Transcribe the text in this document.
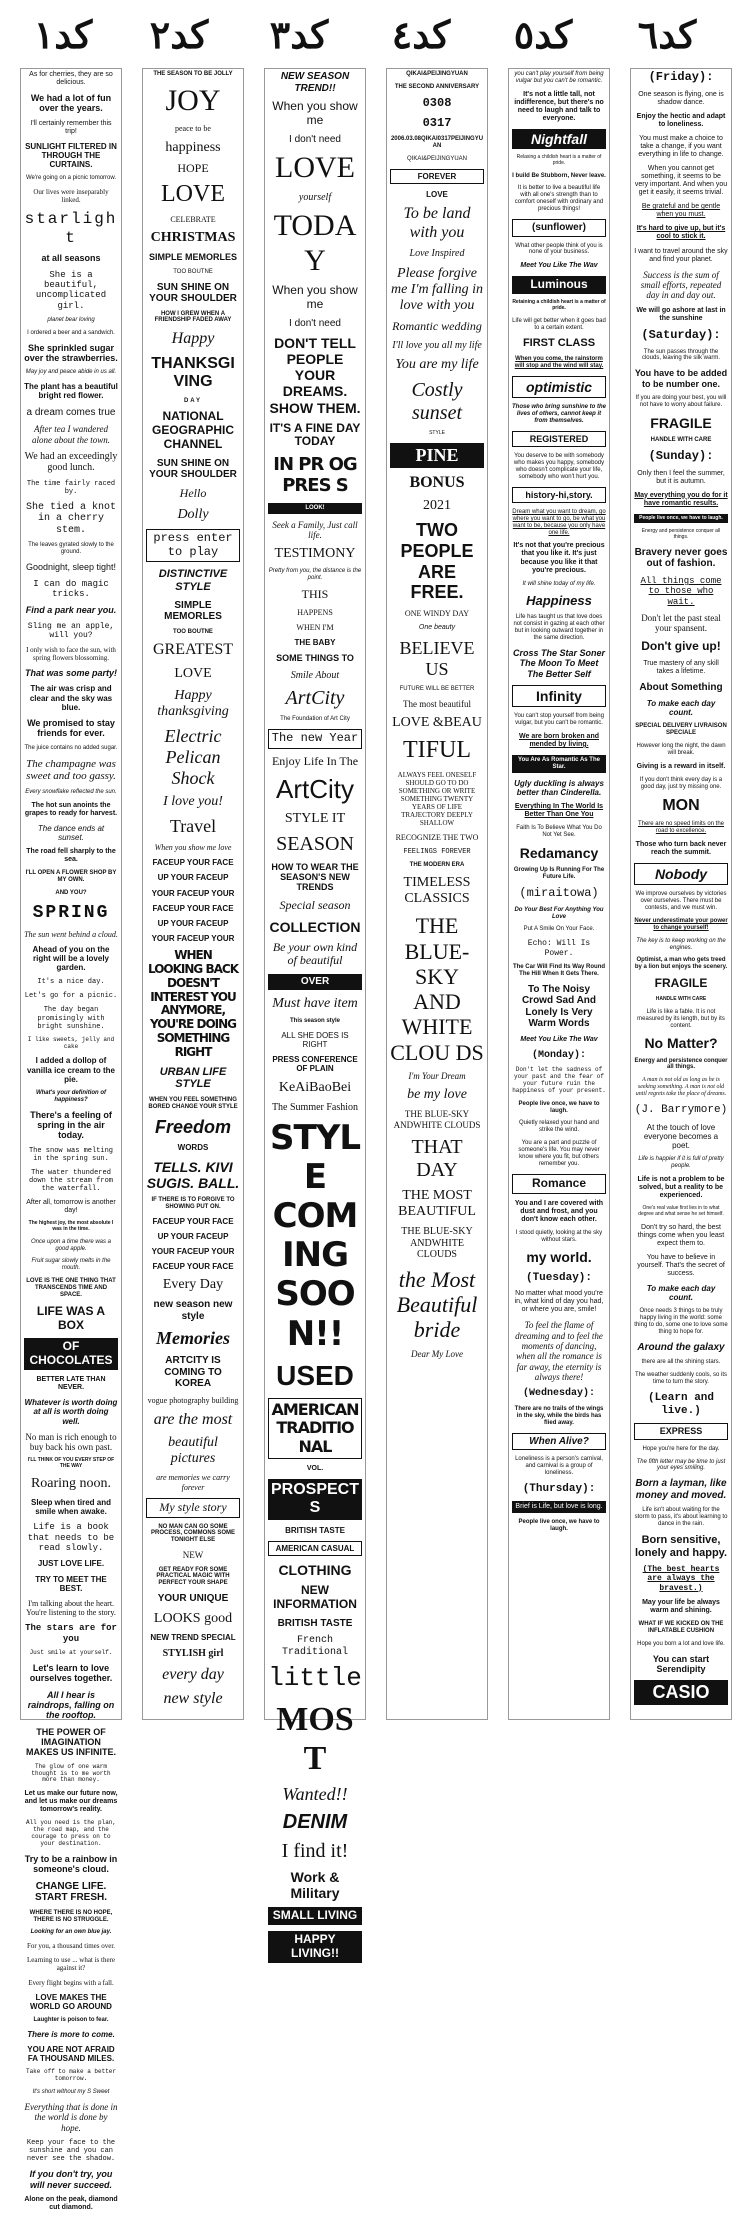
كد١	كد٢	كد٣	كد٤	كد٥	كد٦
As for cherries, they are so delicious.
We had a lot of fun over the years.
I'll certainly remember this trip!
SUNLIGHT FILTERED IN THROUGH THE CURTAINS.
We're going on a picnic tomorrow.
Our lives were inseparably linked.
starlight
at all seasons
She is a beautiful, uncomplicated girl.
planet bear loving
I ordered a beer and a sandwich.
She sprinkled sugar over the strawberries.
May joy and peace abide in us all.
The plant has a beautiful bright red flower.
a dream comes true
After tea I wandered alone about the town.
We had an exceedingly good lunch.
The time fairly raced by.
She tied a knot in a cherry stem.
The leaves gyrated slowly to the ground.
Goodnight, sleep tight!
I can do magic tricks.
Find a park near you.
Sling me an apple, will you?
I only wish to face the sun, with spring flowers blossoming.
That was some party!
The air was crisp and clear and the sky was blue.
We promised to stay friends for ever.
The juice contains no added sugar.
The champagne was sweet and too gassy.
Every snowflake reflected the sun.
The hot sun anoints the grapes to ready for harvest.
The dance ends at sunset.
The road fell sharply to the sea.
I'LL OPEN A FLOWER SHOP BY MY OWN.
AND YOU?
SPRING
The sun went behind a cloud.
Ahead of you on the right will be a lovely garden.
It's a nice day.
Let's go for a picnic.
The day began promisingly with bright sunshine.
I like sweets, jelly and cake
I added a dollop of vanilla ice cream to the pie.
What's your definition of happiness?
There's a feeling of spring in the air today.
The snow was melting in the spring sun.
The water thundered down the stream from the waterfall.
After all, tomorrow is another day!
The highest joy, the most absolute I was in the time.
Once upon a time there was a good apple.
Fruit sugar slowly melts in the mouth.
LOVE IS THE ONE THING THAT TRANSCENDS TIME AND SPACE.
LIFE WAS A BOX
OF CHOCOLATES
BETTER LATE THAN NEVER.
Whatever is worth doing at all is worth doing well.
No man is rich enough to buy back his own past.
I'LL THINK OF YOU EVERY STEP OF THE WAY
Roaring noon.
Sleep when tired and smile when awake.
Life is a book that needs to be read slowly.
JUST LOVE LIFE.
TRY TO MEET THE BEST.
I'm talking about the heart. You're listening to the story.
The stars are for you
Just smile at yourself.
Let's learn to love ourselves together.
All I hear is raindrops, falling on the rooftop.
THE POWER OF IMAGINATION MAKES US INFINITE.
The glow of one warm thought is to me worth more than money.
Let us make our future now, and let us make our dreams tomorrow's reality.
All you need is the plan, the road map, and the courage to press on to your destination.
Try to be a rainbow in someone's cloud.
CHANGE LIFE. START FRESH.
WHERE THERE IS NO HOPE, THERE IS NO STRUGGLE.
Looking for an own blue jay.
For you, a thousand times over.
Learning to use ... what is there against it?
Every flight begins with a fall.
LOVE MAKES THE WORLD GO AROUND
Laughter is poison to fear.
There is more to come.
YOU ARE NOT AFRAID FA THOUSAND MILES.
Take off to make a better tomorrow.
It's short without my S Sweet
Everything that is done in the world is done by hope.
Keep your face to the sunshine and you can never see the shadow.
If you don't try, you will never succeed.
Alone on the peak, diamond cut diamond.
THE SEASON TO BE JOLLY
JOY
peace to be
happiness
HOPE
LOVE
CELEBRATE
CHRISTMAS
SIMPLE MEMORLES
TOO BOUTNE
SUN SHINE ON YOUR SHOULDER
HOW I GREW WHEN A FRIENDSHIP FADED AWAY
Happy
THANKSGIVING
DAY
NATIONAL GEOGRAPHIC CHANNEL
SUN SHINE ON YOUR SHOULDER
Hello
Dolly
press enter to play
DISTINCTIVE STYLE
SIMPLE MEMORLES
TOO BOUTNE
GREATEST
LOVE
Happy thanksgiving
Electric Pelican Shock
I love you!
Travel
When you show me love
FACEUP YOUR FACE
UP YOUR FACEUP
YOUR FACEUP YOUR
FACEUP YOUR FACE
UP YOUR FACEUP
YOUR FACEUP YOUR
WHEN LOOKING BACK DOESN'T INTEREST YOU ANYMORE, YOU'RE DOING SOMETHING RIGHT
URBAN LIFE STYLE
WHEN YOU FEEL SOMETHING BORED CHANGE YOUR STYLE
Freedom
WORDS
TELLS. KIVI SUGIS. BALL.
IF THERE IS TO FORGIVE TO SHOWING PUT ON.
FACEUP YOUR FACE
UP YOUR FACEUP
YOUR FACEUP YOUR
FACEUP YOUR FACE
Every Day
new season new style
Memories
ARTCITY IS COMING TO KOREA
vogue photography building
are the most
beautiful pictures
are memories we carry forever
My style story
NO MAN CAN GO SOME PROCESS, COMMONS SOME TONIGHT ELSE
NEW
GET READY FOR SOME PRACTICAL MAGIC WITH PERFECT YOUR SHAPE
YOUR UNIQUE
LOOKS good
NEW TREND SPECIAL
STYLISH girl
every day
new style
NEW SEASON TREND!!
When you show me
I don't need
LOVE
yourself
TODAY
When you show me
I don't need
DON'T TELL PEOPLE YOUR DREAMS. SHOW THEM.
IT'S A FINE DAY TODAY
IN PR OG PRES S
LOOK!
Seek a Family, Just call life.
TESTIMONY
Pretty from you, the distance is the point.
THIS
HAPPENS
WHEN I'M
THE BABY
SOME THINGS TO
Smile About
ArtCity
The Foundation of Art City
The new Year
Enjoy Life In The
ArtCity
STYLE IT
SEASON
HOW TO WEAR THE SEASON'S NEW TRENDS
Special season
COLLECTION
Be your own kind of beautiful
OVER
Must have item
This season style
ALL SHE DOES IS RIGHT
PRESS CONFERENCE OF PLAIN
KeAiBaoBei
The Summer Fashion
STYLE COMING SOON!!
USED
AMERICAN TRADITIONAL
VOL.
PROSPECTS
BRITISH TASTE
AMERICAN CASUAL
CLOTHING
NEW INFORMATION
BRITISH TASTE
French Traditional
little
MOST
Wanted!!
DENIM
I find it!
Work & Military
SMALL LIVING
HAPPY LIVING!!
QIKAI&PEIJINGYUAN
THE SECOND ANNIVERSARY
0308
0317
2006.03.08QIKAI0317PEIJINGYUAN
QIKAI&PEIJINGYUAN
FOREVER
LOVE
To be land with you
Love Inspired
Please forgive me I'm falling in love with you
Romantic wedding
I'll love you all my life
You are my life
Costly sunset
STYLE
PINE
BONUS
2021
TWO PEOPLE ARE FREE.
ONE WINDY DAY
One beauty
BELIEVE US
FUTURE WILL BE BETTER
The most beautiful
LOVE &BEAU
TIFUL
ALWAYS FEEL ONESELF SHOULD GO TO DO SOMETHING OR WRITE SOMETHING TWENTY YEARS OF LIFE TRAJECTORY DEEPLY SHALLOW
RECOGNIZE THE TWO
FEELINGS FOREVER
THE MODERN ERA
TIMELESS CLASSICS
THE BLUE-SKY AND WHITE CLOU DS
I'm Your Dream
be my love
THE BLUE-SKY ANDWHITE CLOUDS
THAT DAY
THE MOST BEAUTIFUL
THE BLUE-SKY ANDWHITE CLOUDS
the Most Beautiful bride
Dear My Love
you can't play yourself from being vulgar but you can't be romantic.
It's not a little tall, not indifference, but there's no need to laugh and talk to everyone.
Nightfall
Relaxing a childish heart is a matter of pride.
I build Be Stubborn, Never leave.
It is better to live a beautiful life with all one's strength than to comfort oneself with ordinary and precious things!
(sunflower)
What other people think of you is none of your business.
Meet You Like The Wav
Luminous
Retaining a childish heart is a matter of pride.
Life will get better when it goes bad to a certain extent.
FIRST CLASS
When you come, the rainstorm will stop and the wind will stay.
optimistic
Those who bring sunshine to the lives of others, cannot keep it from themselves.
REGISTERED
You deserve to be with somebody who makes you happy, somebody who doesn't complicate your life, somebody who won't hurt you.
history-hi,story.
Dream what you want to dream, go where you want to go, be what you want to be, because you only have one life.
It's not that you're precious that you like it. It's just because you like it that you're precious.
It will shine today of my life.
Happiness
Life has taught us that love does not consist in gazing at each other but in looking outward together in the same direction.
Cross The Star Soner The Moon To Meet The Better Self
Infinity
You can't stop yourself from being vulgar, but you can't be romantic.
We are born broken and mended by living.
You Are As Romantic As The Star.
Ugly duckling is always better than Cinderella.
Everything In The World Is Better Than One You
Faith Is To Believe What You Do Not Yet See.
Redamancy
Growing Up Is Running For The Future Life.
(miraitowa)
Do Your Best For Anything You Love
Put A Smile On Your Face.
Echo: Will Is Power.
The Car Will Find Its Way Round The Hill When It Gets There.
To The Noisy Crowd Sad And Lonely Is Very Warm Words
Meet You Like The Wav
(Monday):
Don't let the sadness of your past and the fear of your future ruin the happiness of your present.
People live once, we have to laugh.
Quietly relaxed your hand and strike the wind.
You are a part and puzzle of someone's life. You may never know where you fit, but others remember you.
Romance
You and I are covered with dust and frost, and you don't know each other.
I stood quietly, looking at the sky without stars.
my world.
(Tuesday):
No matter what mood you're in, what kind of day you had, or where you are, smile!
To feel the flame of dreaming and to feel the moments of dancing, when all the romance is far away, the eternity is always there!
(Wednesday):
There are no trails of the wings in the sky, while the birds has flied away.
When Alive?
Loneliness is a person's carnival, and carnival is a group of loneliness.
(Thursday):
Brief is Life, but love is long.
People live once, we have to laugh.
(Friday):
One season is flying, one is shadow dance.
Enjoy the hectic and adapt to loneliness.
You must make a choice to take a change, if you want everything in life to change.
When you cannot get something, it seems to be very important. And when you get it easily, it seems trivial.
Be grateful and be gentle when you must.
It's hard to give up, but it's cool to stick it.
I want to travel around the sky and find your planet.
Success is the sum of small efforts, repeated day in and day out.
We will go ashore at last in the sunshine
(Saturday):
The sun passes through the clouds, leaving the silk warm.
You have to be added to be number one.
If you are doing your best, you will not have to worry about failure.
FRAGILE
HANDLE WITH CARE
(Sunday):
Only then I feel the summer, but it is autumn.
May everything you do for it have romantic results.
People live once, we have to laugh.
Energy and persistence conquer all things.
Bravery never goes out of fashion.
All things come to those who wait.
Don't let the past steal your spansent.
Don't give up!
True mastery of any skill takes a lifetime.
About Something
To make each day count.
SPECIAL DELIVERY LIVRAISON SPECIALE
However long the night, the dawn will break.
Giving is a reward in itself.
If you don't think every day is a good day, just try missing one.
MON
There are no speed limits on the road to excellence.
Those who turn back never reach the summit.
Nobody
We improve ourselves by victories over ourselves. There must be contests, and we must win.
Never underestimate your power to change yourself!
The key is to keep working on the engines.
Optimist, a man who gets treed by a lion but enjoys the scenery.
FRAGILE
HANDLE WITH CARE
Life is like a fable. It is not measured by its length, but by its content.
No Matter?
Energy and persistence conquer all things.
A man is not old as long as he is seeking something. A man is not old until regrets take the place of dreams.
(J. Barrymore)
At the touch of love everyone becomes a poet.
Life is happier if it is full of pretty people.
Life is not a problem to be solved, but a reality to be experienced.
One's real value first lies in to what degree and what sense he set himself.
Don't try so hard, the best things come when you least expect them to.
You have to believe in yourself. That's the secret of success.
To make each day count.
Once needs 3 things to be truly happy living in the world: some thing to do, some one to love some thing to hope for.
Around the galaxy
there are all the shining stars.
The weather suddenly cools, so its time to turn the story.
(Learn and live.)
EXPRESS
Hope you're here for the day.
The fifth letter may be time to just your eyes smiling.
Born a layman, like money and moved.
Life isn't about waiting for the storm to pass, it's about learning to dance in the rain.
Born sensitive, lonely and happy.
(The best hearts are always the bravest.)
May your life be always warm and shining.
WHAT IF WE KICKED ON THE INFLATABLE CUSHION
Hope you born a lot and love life.
You can start Serendipity
CASIO
